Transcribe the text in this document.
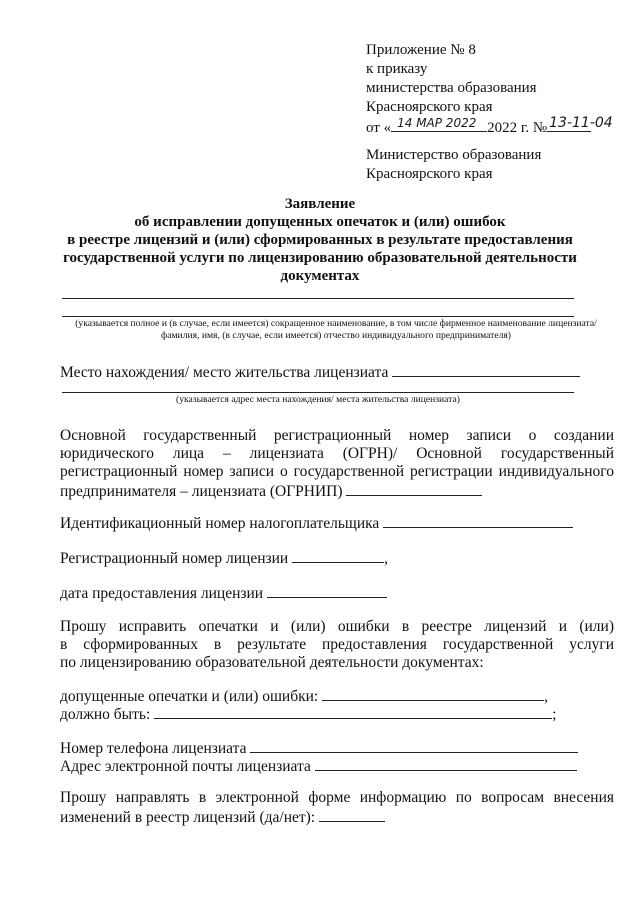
Приложение № 8
к приказу
министерства образования
Красноярского края
от « 14 МАР 2022 2022 г. № 13-11-04
Министерство образования
Красноярского края
Заявление
об исправлении допущенных опечаток и (или) ошибок
в реестре лицензий и (или) сформированных в результате предоставления
государственной услуги по лицензированию образовательной деятельности
документах
(указывается полное и (в случае, если имеется) сокращенное наименование, в том числе фирменное наименование лицензиата/ фамилия, имя, (в случае, если имеется) отчество индивидуального предпринимателя)
Место нахождения/ место жительства лицензиата
(указывается адрес места нахождения/ места жительства лицензиата)
Основной государственный регистрационный номер записи о создании
юридического лица – лицензиата (ОГРН)/ Основной государственный
регистрационный номер записи о государственной регистрации индивидуального
предпринимателя – лицензиата (ОГРНИП)
Идентификационный номер налогоплательщика
Регистрационный номер лицензии	,
дата предоставления лицензии
Прошу исправить опечатки и (или) ошибки в реестре лицензий и (или)
в сформированных в результате предоставления государственной услуги
по лицензированию образовательной деятельности документах:
допущенные опечатки и (или) ошибки:	,
должно быть:	;
Номер телефона лицензиата
Адрес электронной почты лицензиата
Прошу направлять в электронной форме информацию по вопросам внесения
изменений в реестр лицензий (да/нет):
